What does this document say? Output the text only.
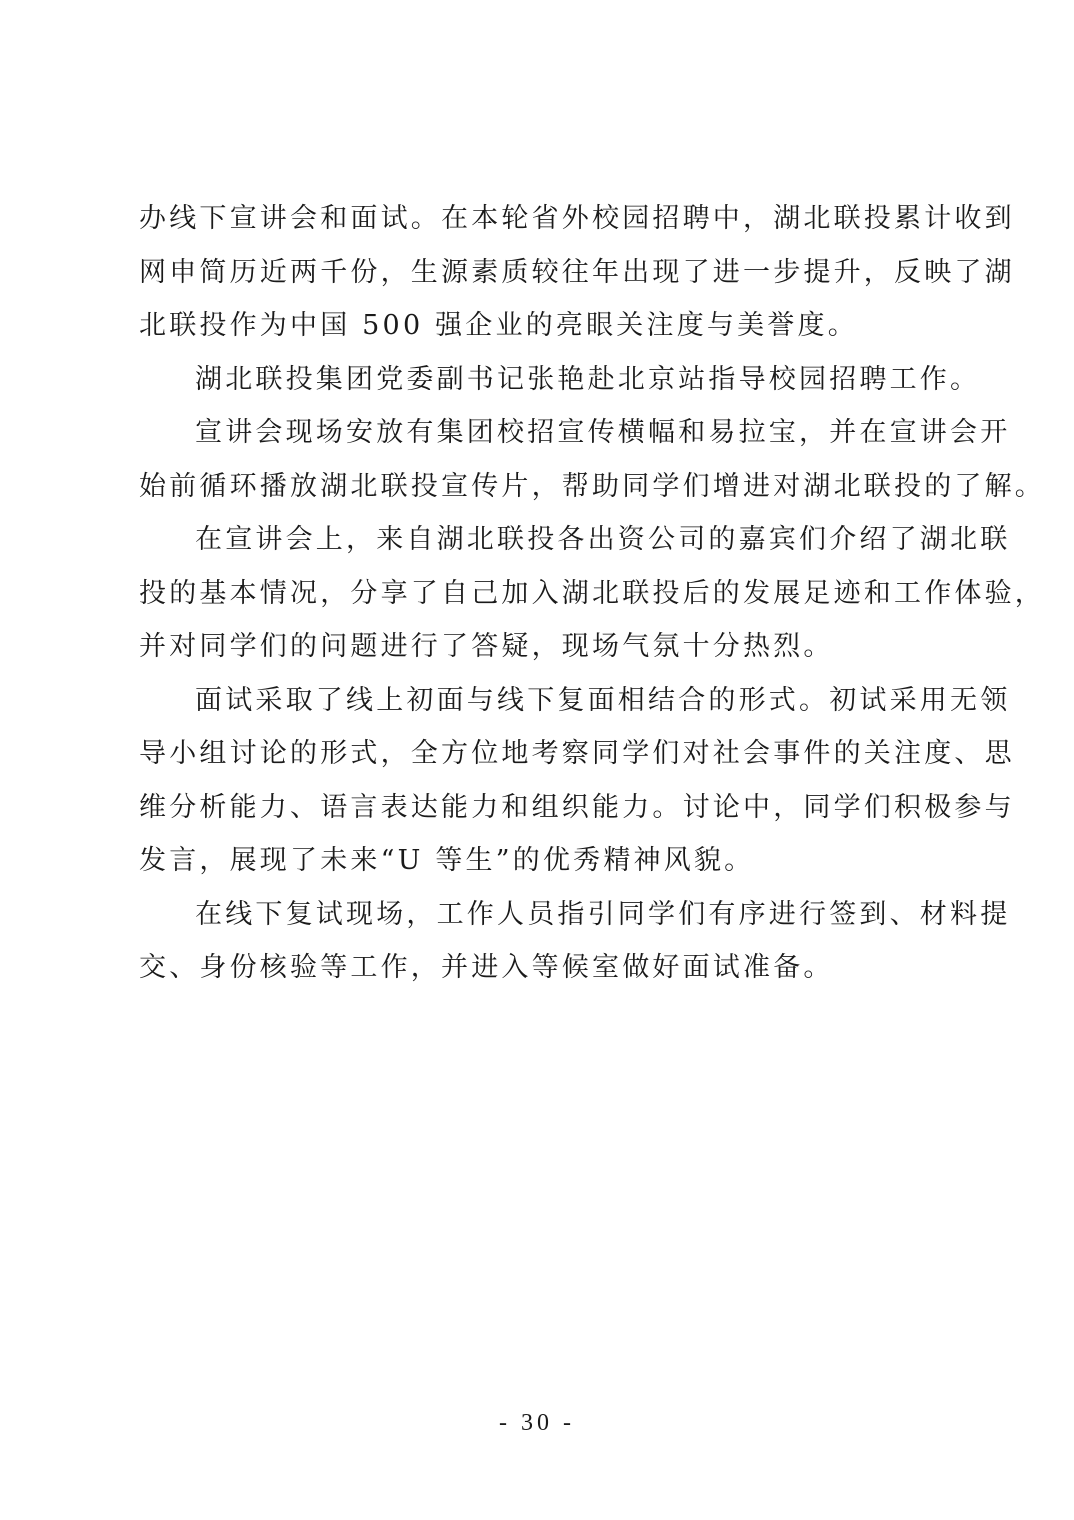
办线下宣讲会和面试。在本轮省外校园招聘中，湖北联投累计收到
网申简历近两千份，生源素质较往年出现了进一步提升，反映了湖
北联投作为中国 500 强企业的亮眼关注度与美誉度。
湖北联投集团党委副书记张艳赴北京站指导校园招聘工作。
宣讲会现场安放有集团校招宣传横幅和易拉宝，并在宣讲会开
始前循环播放湖北联投宣传片，帮助同学们增进对湖北联投的了解。
在宣讲会上，来自湖北联投各出资公司的嘉宾们介绍了湖北联
投的基本情况，分享了自己加入湖北联投后的发展足迹和工作体验，
并对同学们的问题进行了答疑，现场气氛十分热烈。
面试采取了线上初面与线下复面相结合的形式。初试采用无领
导小组讨论的形式，全方位地考察同学们对社会事件的关注度、思
维分析能力、语言表达能力和组织能力。讨论中，同学们积极参与
发言，展现了未来“U 等生”的优秀精神风貌。
在线下复试现场，工作人员指引同学们有序进行签到、材料提
交、身份核验等工作，并进入等候室做好面试准备。
- 30 -
